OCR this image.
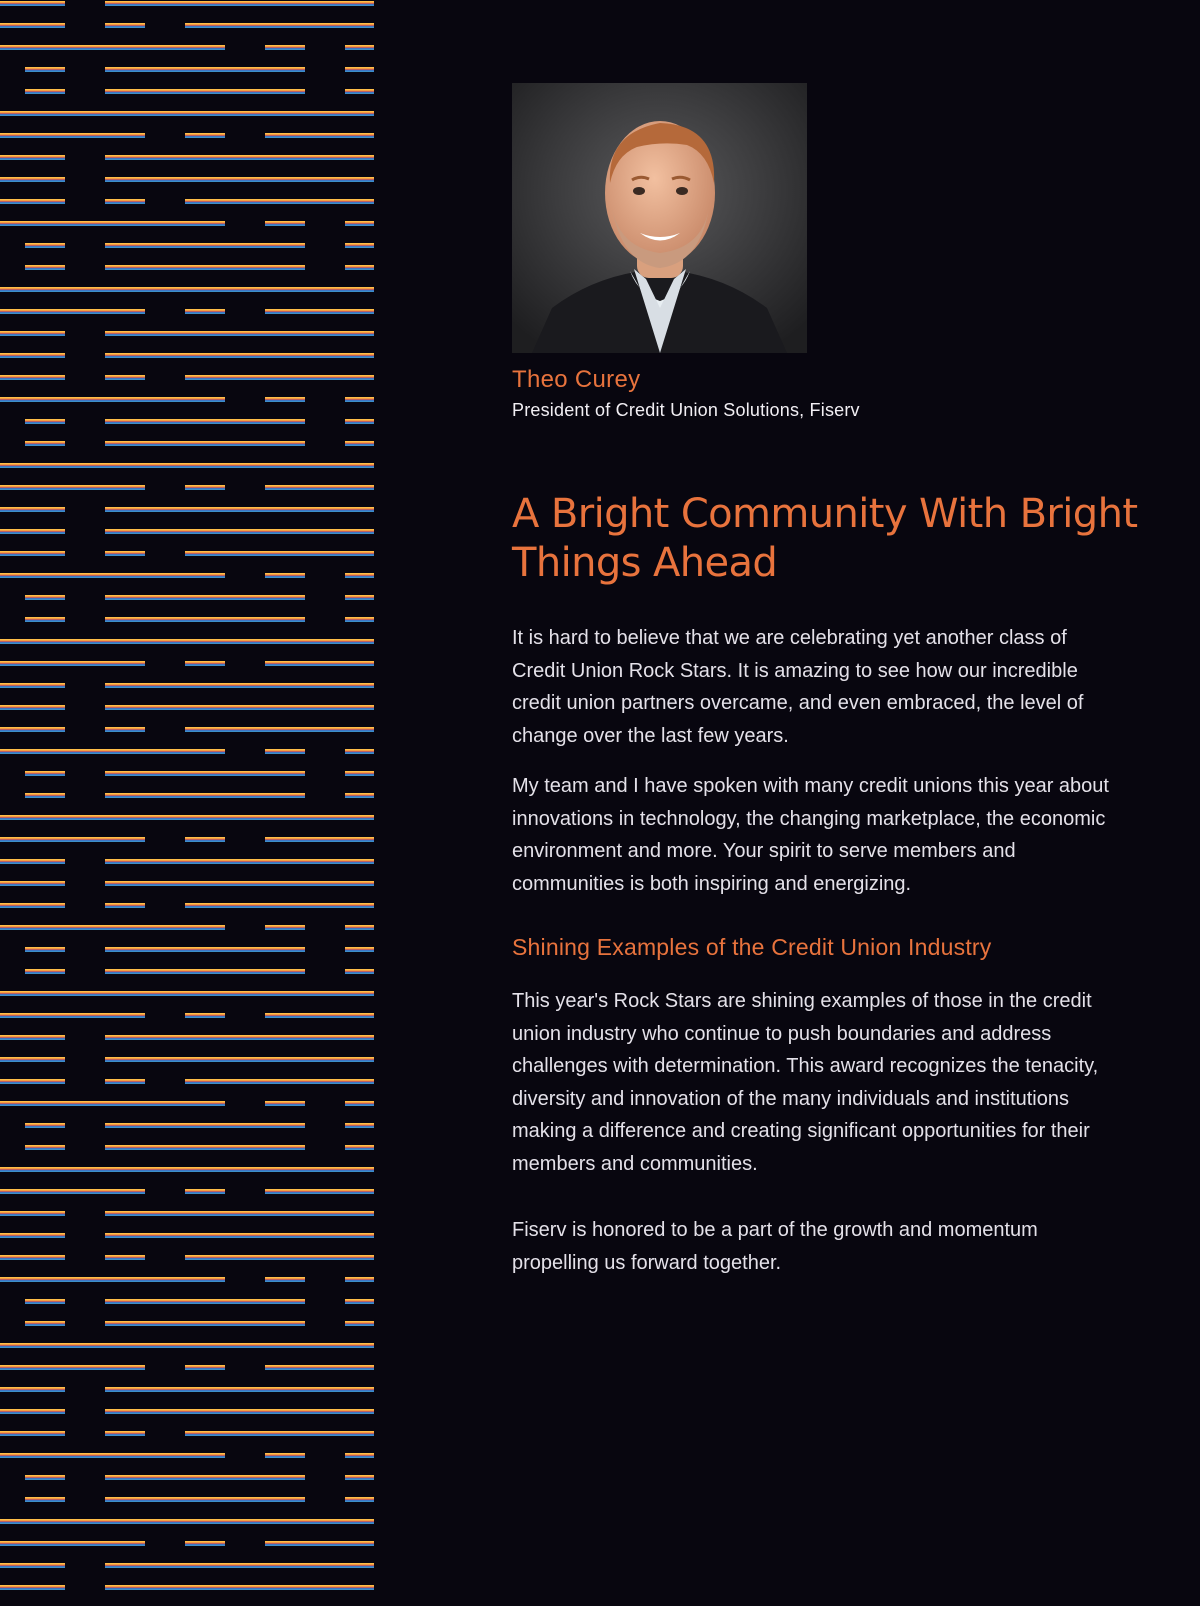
Theo Curey
President of Credit Union Solutions, Fiserv
A Bright Community With Bright Things Ahead

It is hard to believe that we are celebrating yet another class of Credit Union Rock Stars. It is amazing to see how our incredible credit union partners overcame, and even embraced, the level of change over the last few years.

My team and I have spoken with many credit unions this year about innovations in technology, the changing marketplace, the economic environment and more. Your spirit to serve members and communities is both inspiring and energizing.

Shining Examples of the Credit Union Industry

This year's Rock Stars are shining examples of those in the credit union industry who continue to push boundaries and address challenges with determination. This award recognizes the tenacity, diversity and innovation of the many individuals and institutions making a difference and creating significant opportunities for their members and communities.

Fiserv is honored to be a part of the growth and momentum propelling us forward together.
